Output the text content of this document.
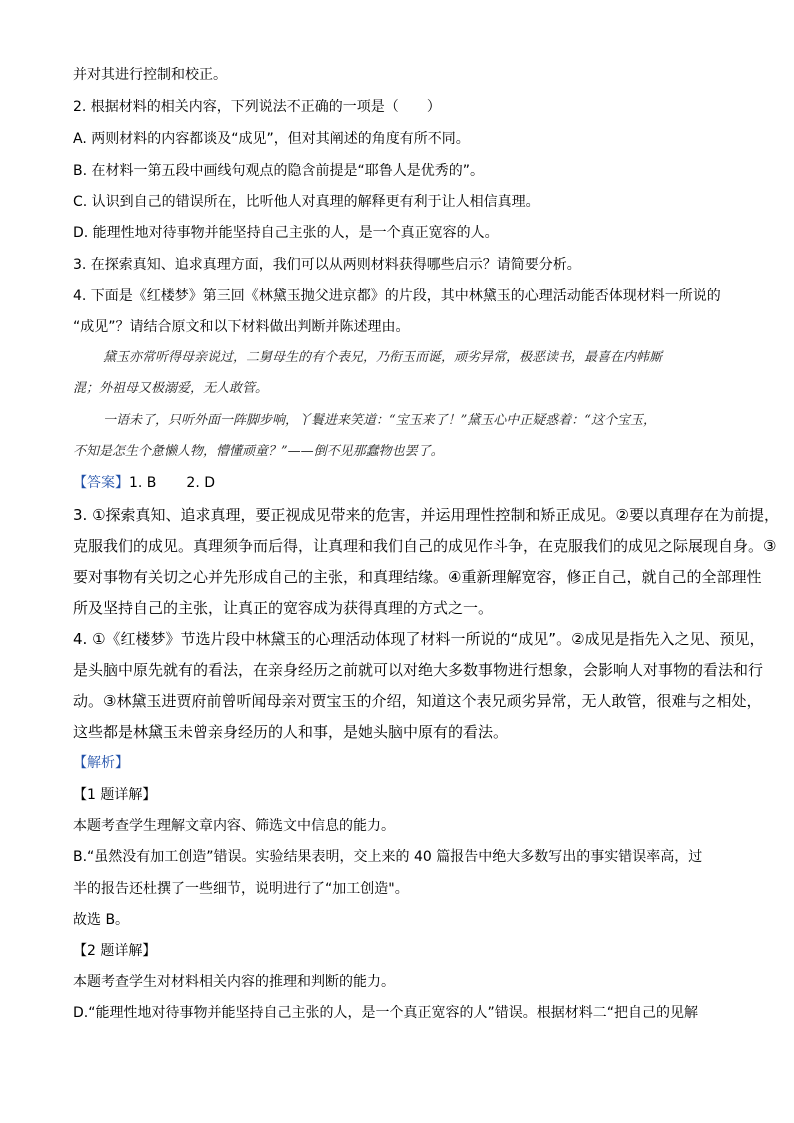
并对其进行控制和校正。
2. 根据材料的相关内容，下列说法不正确的一项是（ ）
A. 两则材料的内容都谈及“成见”，但对其阐述的角度有所不同。
B. 在材料一第五段中画线句观点的隐含前提是“耶鲁人是优秀的”。
C. 认识到自己的错误所在，比听他人对真理的解释更有利于让人相信真理。
D. 能理性地对待事物并能坚持自己主张的人，是一个真正宽容的人。
3. 在探索真知、追求真理方面，我们可以从两则材料获得哪些启示？请简要分析。
4. 下面是《红楼梦》第三回《林黛玉抛父进京都》的片段，其中林黛玉的心理活动能否体现材料一所说的
“成见”？请结合原文和以下材料做出判断并陈述理由。
黛玉亦常听得母亲说过，二舅母生的有个表兄，乃衔玉而诞，顽劣异常，极恶读书，最喜在内帏厮
混；外祖母又极溺爱，无人敢管。
一语未了，只听外面一阵脚步响，丫鬟进来笑道：“宝玉来了！”黛玉心中正疑惑着：“这个宝玉，
不知是怎生个惫懒人物，懵懂顽童？”——倒不见那蠢物也罢了。
【答案】1. B 2. D
3. ①探索真知、追求真理，要正视成见带来的危害，并运用理性控制和矫正成见。②要以真理存在为前提，
克服我们的成见。真理须争而后得，让真理和我们自己的成见作斗争，在克服我们的成见之际展现自身。③
要对事物有关切之心并先形成自己的主张，和真理结缘。④重新理解宽容，修正自己，就自己的全部理性
所及坚持自己的主张，让真正的宽容成为获得真理的方式之一。
4. ①《红楼梦》节选片段中林黛玉的心理活动体现了材料一所说的“成见”。②成见是指先入之见、预见，
是头脑中原先就有的看法，在亲身经历之前就可以对绝大多数事物进行想象，会影响人对事物的看法和行
动。③林黛玉进贾府前曾听闻母亲对贾宝玉的介绍，知道这个表兄顽劣异常，无人敢管，很难与之相处，
这些都是林黛玉未曾亲身经历的人和事，是她头脑中原有的看法。
【解析】
【1 题详解】
本题考查学生理解文章内容、筛选文中信息的能力。
B.“虽然没有加工创造”错误。实验结果表明，交上来的 40 篇报告中绝大多数写出的事实错误率高，过
半的报告还杜撰了一些细节，说明进行了“加工创造"。
故选 B。
【2 题详解】
本题考查学生对材料相关内容的推理和判断的能力。
D.“能理性地对待事物并能坚持自己主张的人，是一个真正宽容的人”错误。根据材料二“把自己的见解
